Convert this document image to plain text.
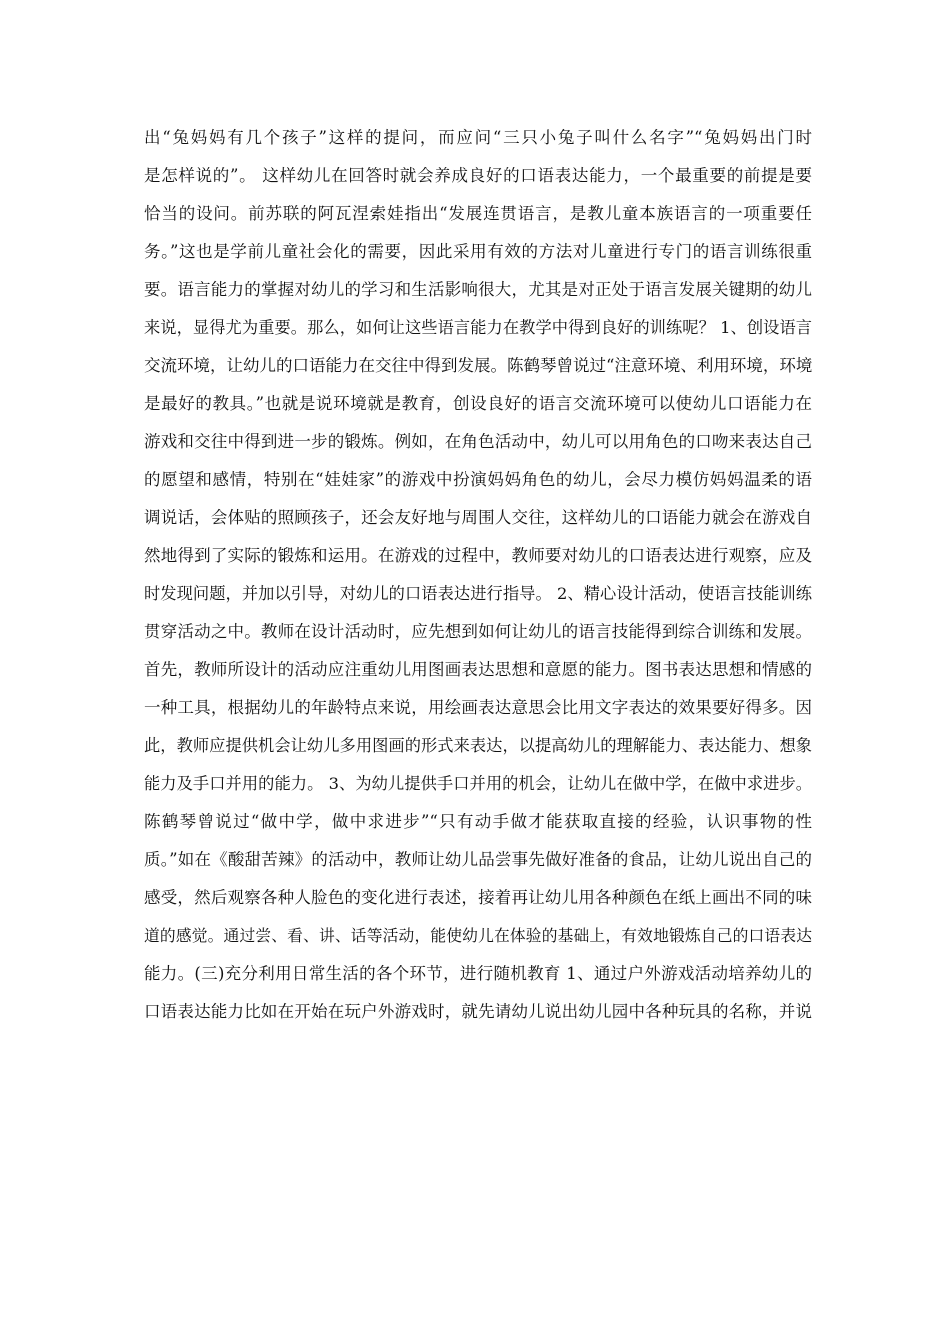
出“兔妈妈有几个孩子”这样的提问，而应问“三只小兔子叫什么名字”“兔妈妈出门时
是怎样说的”。 这样幼儿在回答时就会养成良好的口语表达能力，一个最重要的前提是要
恰当的设问。前苏联的阿瓦涅索娃指出“发展连贯语言，是教儿童本族语言的一项重要任
务。”这也是学前儿童社会化的需要，因此采用有效的方法对儿童进行专门的语言训练很重
要。语言能力的掌握对幼儿的学习和生活影响很大，尤其是对正处于语言发展关键期的幼儿
来说，显得尤为重要。那么，如何让这些语言能力在教学中得到良好的训练呢？ 1、创设语言
交流环境，让幼儿的口语能力在交往中得到发展。陈鹤琴曾说过“注意环境、利用环境，环境
是最好的教具。”也就是说环境就是教育，创设良好的语言交流环境可以使幼儿口语能力在
游戏和交往中得到进一步的锻炼。例如，在角色活动中，幼儿可以用角色的口吻来表达自己
的愿望和感情，特别在“娃娃家”的游戏中扮演妈妈角色的幼儿，会尽力模仿妈妈温柔的语
调说话，会体贴的照顾孩子，还会友好地与周围人交往，这样幼儿的口语能力就会在游戏自
然地得到了实际的锻炼和运用。在游戏的过程中，教师要对幼儿的口语表达进行观察，应及
时发现问题，并加以引导，对幼儿的口语表达进行指导。 2、精心设计活动，使语言技能训练
贯穿活动之中。教师在设计活动时，应先想到如何让幼儿的语言技能得到综合训练和发展。
首先，教师所设计的活动应注重幼儿用图画表达思想和意愿的能力。图书表达思想和情感的
一种工具，根据幼儿的年龄特点来说，用绘画表达意思会比用文字表达的效果要好得多。因
此，教师应提供机会让幼儿多用图画的形式来表达，以提高幼儿的理解能力、表达能力、想象
能力及手口并用的能力。 3、为幼儿提供手口并用的机会，让幼儿在做中学，在做中求进步。
陈鹤琴曾说过“做中学，做中求进步”“只有动手做才能获取直接的经验，认识事物的性
质。”如在《酸甜苦辣》的活动中，教师让幼儿品尝事先做好准备的食品，让幼儿说出自己的
感受，然后观察各种人脸色的变化进行表述，接着再让幼儿用各种颜色在纸上画出不同的味
道的感觉。通过尝、看、讲、话等活动，能使幼儿在体验的基础上，有效地锻炼自己的口语表达
能力。(三)充分利用日常生活的各个环节，进行随机教育 1、通过户外游戏活动培养幼儿的
口语表达能力比如在开始在玩户外游戏时，就先请幼儿说出幼儿园中各种玩具的名称，并说
